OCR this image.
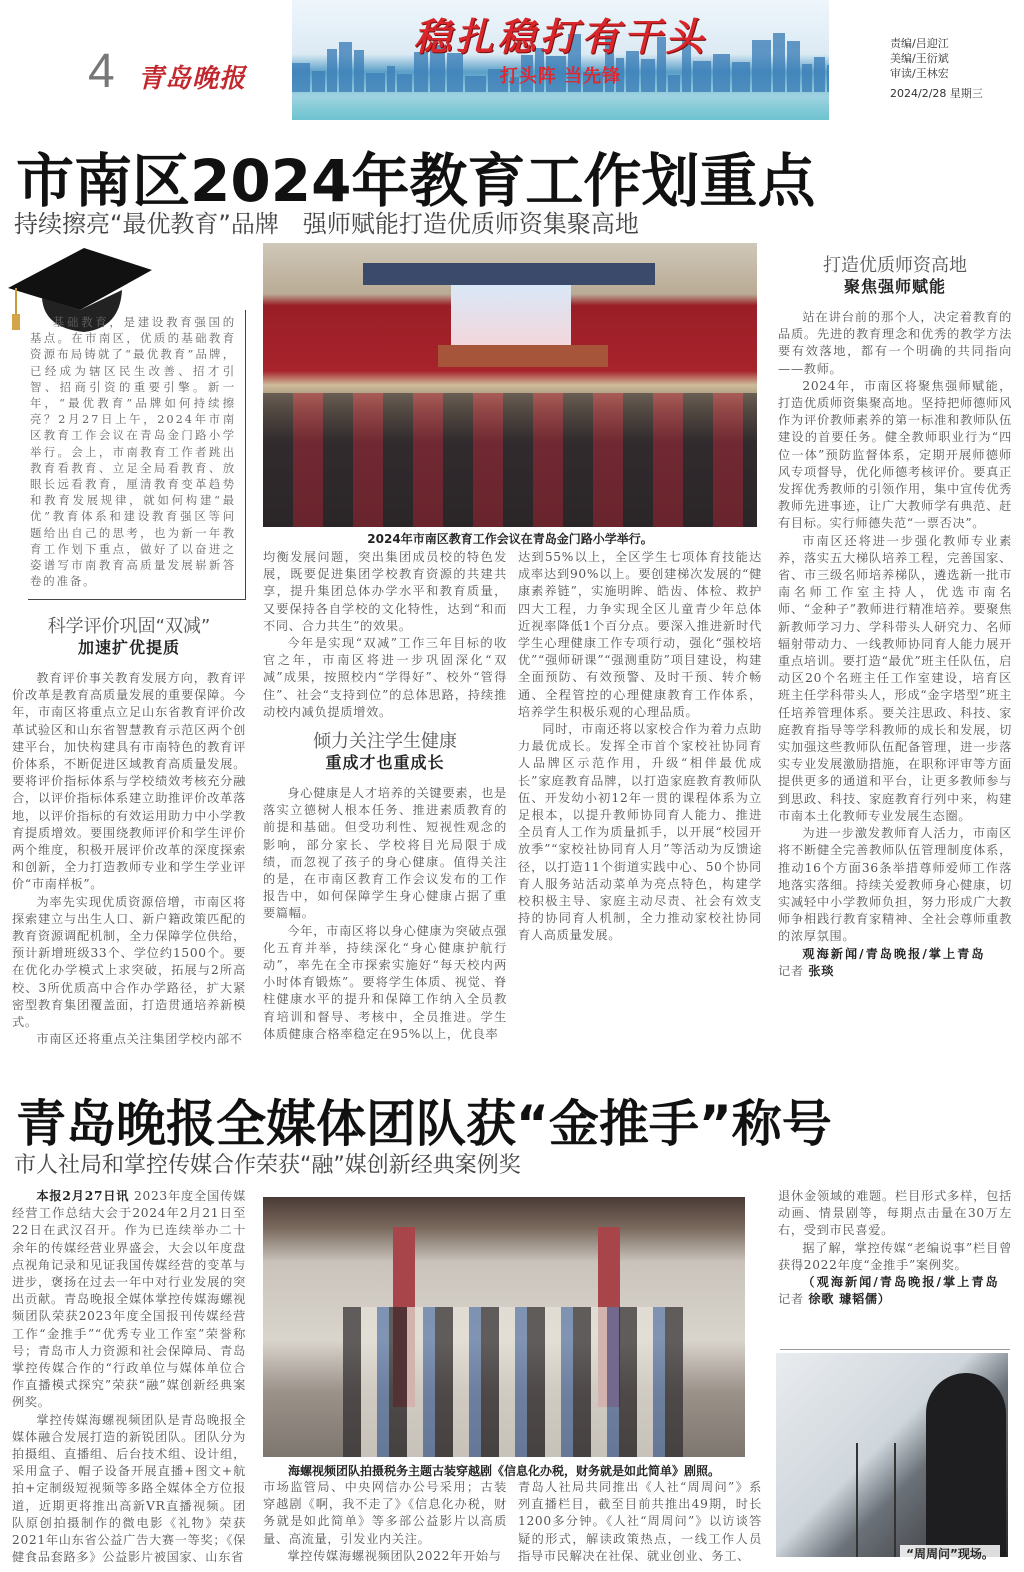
4 青岛晚报
稳扎稳打有干头
打头阵 当先锋
责编/吕迎江
美编/王衍斌
审读/王林宏
2024/2/28 星期三
市南区2024年教育工作划重点
持续擦亮“最优教育”品牌　强师赋能打造优质师资集聚高地

基础教育，是建设教育强国的基点。在市南区，优质的基础教育资源布局铸就了“最优教育”品牌，已经成为辖区民生改善、招才引智、招商引资的重要引擎。新一年，“最优教育”品牌如何持续擦亮？2月27日上午，2024年市南区教育工作会议在青岛金门路小学举行。会上，市南教育工作者跳出教育看教育、立足全局看教育、放眼长远看教育，厘清教育变革趋势和教育发展规律，就如何构建“最优”教育体系和建设教育强区等问题给出自己的思考，也为新一年教育工作划下重点，做好了以奋进之姿谱写市南教育高质量发展崭新答卷的准备。

科学评价巩固“双减”
加速扩优提质

教育评价事关教育发展方向，教育评价改革是教育高质量发展的重要保障。今年，市南区将重点立足山东省教育评价改革试验区和山东省智慧教育示范区两个创建平台，加快构建具有市南特色的教育评价体系，不断促进区域教育高质量发展。要将评价指标体系与学校绩效考核充分融合，以评价指标体系建立助推评价改革落地，以评价指标的有效运用助力中小学教育提质增效。要围绕教师评价和学生评价两个维度，积极开展评价改革的深度探索和创新，全力打造教师专业和学生学业评价“市南样板”。

为率先实现优质资源倍增，市南区将探索建立与出生人口、新户籍政策匹配的教育资源调配机制，全力保障学位供给，预计新增班级33个、学位约1500个。要在优化办学模式上求突破，拓展与2所高校、3所优质高中合作办学路径，扩大紧密型教育集团覆盖面，打造贯通培养新模式。

市南区还将重点关注集团学校内部不

均衡发展问题，突出集团成员校的特色发展，既要促进集团学校教育资源的共建共享，提升集团总体办学水平和教育质量，又要保持各自学校的文化特性，达到“和而不同、合力共生”的效果。

今年是实现“双减”工作三年目标的收官之年，市南区将进一步巩固深化“双减”成果，按照校内“学得好”、校外“管得住”、社会“支持到位”的总体思路，持续推动校内减负提质增效。

倾力关注学生健康
重成才也重成长

身心健康是人才培养的关键要素，也是落实立德树人根本任务、推进素质教育的前提和基础。但受功利性、短视性观念的影响，部分家长、学校将目光局限于成绩，而忽视了孩子的身心健康。值得关注的是，在市南区教育工作会议发布的工作报告中，如何保障学生身心健康占据了重要篇幅。

今年，市南区将以身心健康为突破点强化五育并举，持续深化“身心健康护航行动”，率先在全市探索实施好“每天校内两小时体育锻炼”。要将学生体质、视觉、脊柱健康水平的提升和保障工作纳入全员教育培训和督导、考核中，全员推进。学生体质健康合格率稳定在95%以上，优良率

达到55%以上，全区学生七项体育技能达成率达到90%以上。要创建梯次发展的“健康素养链”，实施明眸、皓齿、体检、救护四大工程，力争实现全区儿童青少年总体近视率降低1个百分点。要深入推进新时代学生心理健康工作专项行动，强化“强校培优”“强师研课”“强测重防”项目建设，构建全面预防、有效预警、及时干预、转介畅通、全程管控的心理健康教育工作体系，培养学生积极乐观的心理品质。

同时，市南还将以家校合作为着力点助力最优成长。发挥全市首个家校社协同育人品牌区示范作用，升级“相伴最优成长”家庭教育品牌，以打造家庭教育教师队伍、开发幼小初12年一贯的课程体系为立足根本，以提升教师协同育人能力、推进全员育人工作为质量抓手，以开展“校园开放季”“家校社协同育人月”等活动为反馈途径，以打造11个街道实践中心、50个协同育人服务站活动菜单为亮点特色，构建学校积极主导、家庭主动尽责、社会有效支持的协同育人机制，全力推动家校社协同育人高质量发展。

打造优质师资高地
聚焦强师赋能

站在讲台前的那个人，决定着教育的品质。先进的教育理念和优秀的教学方法要有效落地，都有一个明确的共同指向——教师。

2024年，市南区将聚焦强师赋能，打造优质师资集聚高地。坚持把师德师风作为评价教师素养的第一标准和教师队伍建设的首要任务。健全教师职业行为“四位一体”预防监督体系，定期开展师德师风专项督导，优化师德考核评价。要真正发挥优秀教师的引领作用，集中宣传优秀教师先进事迹，让广大教师学有典范、赶有目标。实行师德失范“一票否决”。

市南区还将进一步强化教师专业素养，落实五大梯队培养工程，完善国家、省、市三级名师培养梯队，遴选新一批市南名师工作室主持人，优选市南名师、“金种子”教师进行精准培养。要聚焦新教师学习力、学科带头人研究力、名师辐射带动力、一线教师协同育人能力展开重点培训。要打造“最优”班主任队伍，启动区20个名班主任工作室建设，培育区班主任学科带头人，形成“金字塔型”班主任培养管理体系。要关注思政、科技、家庭教育指导等学科教师的成长和发展，切实加强这些教师队伍配备管理，进一步落实专业发展激励措施，在职称评审等方面提供更多的通道和平台，让更多教师参与到思政、科技、家庭教育行列中来，构建市南本土化教师专业发展生态圈。

为进一步激发教师育人活力，市南区将不断健全完善教师队伍管理制度体系，推动16个方面36条举措尊师爱师工作落地落实落细。持续关爱教师身心健康，切实减轻中小学教师负担，努力形成广大教师争相践行教育家精神、全社会尊师重教的浓厚氛围。

观海新闻/青岛晚报/掌上青岛

记者 张琰

2024年市南区教育工作会议在青岛金门路小学举行。
青岛晚报全媒体团队获“金推手”称号
市人社局和掌控传媒合作荣获“融”媒创新经典案例奖

本报2月27日讯 2023年度全国传媒经营工作总结大会于2024年2月21日至22日在武汉召开。作为已连续举办二十余年的传媒经营业界盛会，大会以年度盘点视角记录和见证我国传媒经营的变革与进步，褒扬在过去一年中对行业发展的突出贡献。青岛晚报全媒体掌控传媒海螺视频团队荣获2023年度全国报刊传媒经营工作“金推手”“优秀专业工作室”荣誉称号；青岛市人力资源和社会保障局、青岛掌控传媒合作的“行政单位与媒体单位合作直播模式探究”荣获“融”媒创新经典案例奖。

掌控传媒海螺视频团队是青岛晚报全媒体融合发展打造的新锐团队。团队分为拍摄组、直播组、后台技术组、设计组，采用盒子、帽子设备开展直播+图文+航拍+定制级短视频等多路全媒体全方位报道，近期更将推出高新VR直播视频。团队原创拍摄制作的微电影《礼物》荣获2021年山东省公益广告大赛一等奖；《保健食品套路多》公益影片被国家、山东省

市场监管局、中央网信办公号采用；古装穿越剧《啊，我不走了》《信息化办税，财务就是如此简单》等多部公益影片以高质量、高流量，引发业内关注。

掌控传媒海螺视频团队2022年开始与

青岛人社局共同推出《人社“周周问”》系列直播栏目，截至目前共推出49期，时长1200多分钟。《人社“周周问”》以访谈答疑的形式，解读政策热点，一线工作人员指导市民解决在社保、就业创业、务工、

退休金领域的难题。栏目形式多样，包括动画、情景剧等，每期点击量在30万左右，受到市民喜爱。

据了解，掌控传媒“老编说事”栏目曾获得2022年度“金推手”案例奖。

（观海新闻/青岛晚报/掌上青岛

记者 徐歌 璩韬儒）

海螺视频团队拍摄税务主题古装穿越剧《信息化办税，财务就是如此简单》剧照。
“周周问”现场。
